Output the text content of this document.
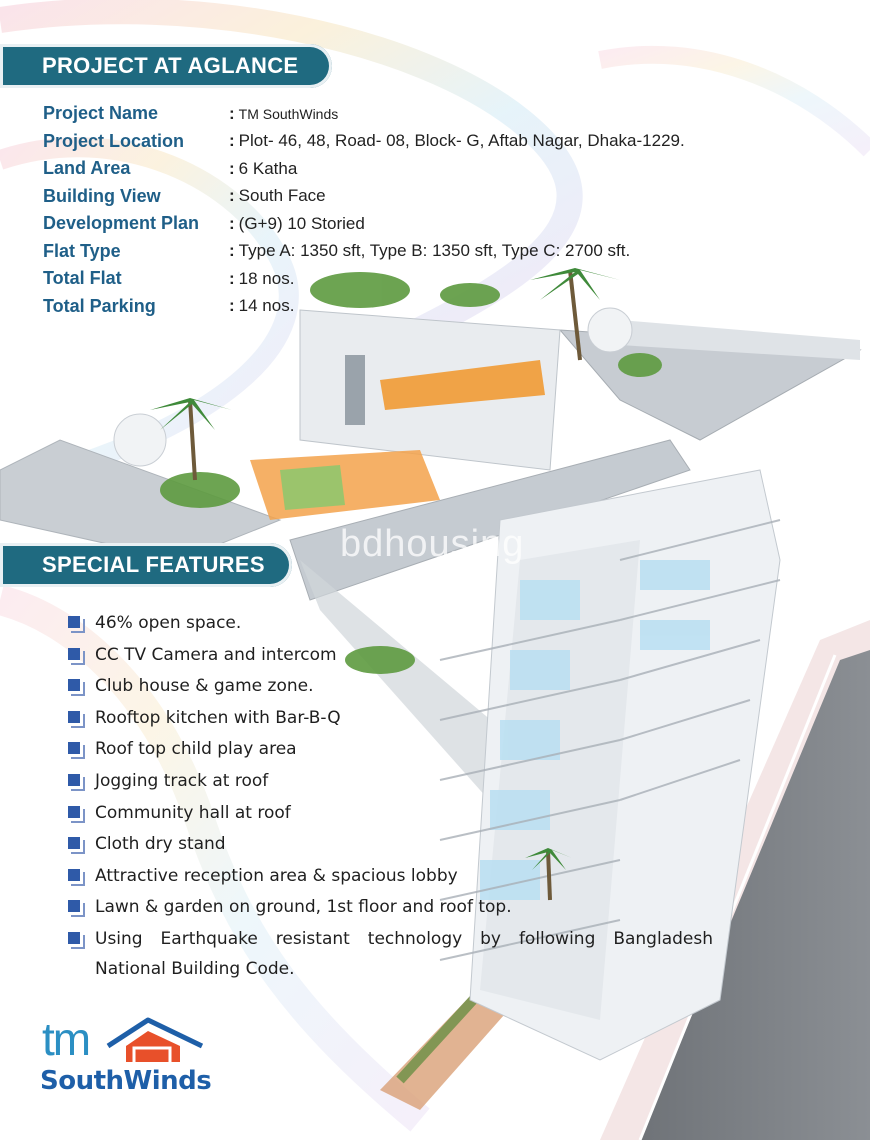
PROJECT AT AGLANCE
Project Name	: TM SouthWinds
Project Location	: Plot- 46, 48, Road- 08, Block- G, Aftab Nagar, Dhaka-1229.
Land Area	: 6 Katha
Building View	: South Face
Development Plan	: (G+9) 10 Storied
Flat Type	: Type A: 1350 sft, Type B: 1350 sft, Type C: 2700 sft.
Total Flat	: 18 nos.
Total Parking	: 14 nos.
bdhousing
SPECIAL FEATURES
46% open space.
CC TV Camera and intercom
Club house & game zone.
Rooftop kitchen with Bar-B-Q
Roof top child play area
Jogging track at roof
Community hall at roof
Cloth dry stand
Attractive reception area & spacious lobby
Lawn & garden on ground, 1st floor and roof top.
Using Earthquake resistant technology by following Bangladesh National Building Code.
tm
SouthWinds
